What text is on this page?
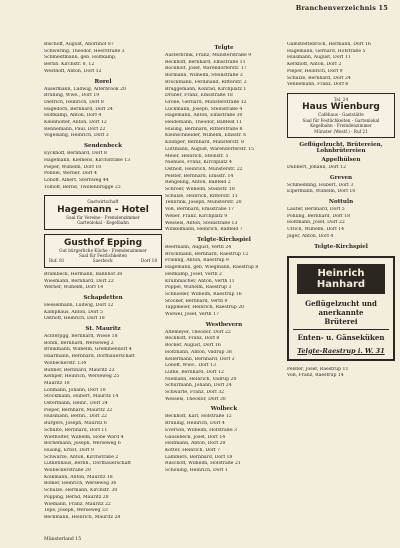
Branchenverzeichnis 15
Bischoff, August, Ahornhof 87
Schwering, Theodor, Heerstraße 3
Schmedtmann, geb. Holtkamp,
Bernh. Kirchstr. 8, 12
Westhoff, Anton, Dorf 12
Rorel
Ausermann, Ludwig, Alterbrook 20
Brüning, Wwe., Dorf 19
Dietrich, Heinrich, Dorf 8
Hagedorn, Bernhard, Dorf 24
Holtkamp, Anton, Dorf 4
Kleinhölter, Anton, Dorf 12
Rennemann, Paul, Dorf 22
Vogelsang, Heinrich, Dorf 3
Sendenbeck
Eyckhoff, Bernhard, Dorf 8
Hagemann, Klemens, Kirchstraße 13
Pieper, Wilhelm, Dorf 10
Pöhnel, Werner, Dorf 4
Lohoff, Albert, Sternweg 44
Tolhoff, Bernd, Twillenbrügge 23
Gastwirtschaft
Hagemann - Hotel
Saal für Vereine - Fremdenzimmer
Gartenlokal - Kegelbahn
Gusthof Epping
Gut bürgerliche Küche - Fremdenzimmer
Saal für Festlichkeiten
Ruf: 81	Saerbeck	Dorf 18
Brambeck, Hermann, Bahnhof 38
Wiesmann, Bernhard, Dorf 22
Werner, Wilhelm, Dorf 14
Schapdetten
Hesselmann, Ludwig, Dorf 12
Kamphaus, Anton, Dorf 5
Osthoff, Heinrich, Dorf 18
St. Mauritz
Achterjigg, Bernhard, Wiese 18
Böhm, Bernhard, Werseweg 2
Brinkmann, Wilhelm, Gremmendorf 4
Haarmann, Bernhard, Dorfbauerschaft
Wolbeckerstr. 134
Bütmer, Bernhard, Mauritz 23
Kemper, Heinrich, Werseweg 25
Mauritz 18
Lohmann, Johann, Dorf 10
Stöckmann, Hubert, Mauritz 14
Ostermann, Heinr., Dorf 24
Pieper, Bernhard, Mauritz 22
Hülsmann, Bernh., Dorf 22
Bürgers, Joseph, Mauritz 6
Schulte, Bernhard, Dorf 11
Wiethölter, Wilhelm, Hohe Ward 4
Bornemann, Joseph, Werseweg 6
Hüsing, Ernst, Dorf 9
Schwarze, Anton, Kirchstraße 2
Lütkenhaus, Bernh., Dorfbauerschaft
Wolbeckerstraße 20
Kolkmann, Anton, Mauritz 18
Bömer, Heinrich, Werseweg 36
Schulze, Hermann, Kirchstr. 30
Pöpping, Bernd, Mauritz 20
Wiemann, Franz, Mauritz 22
Tepe, Joseph, Werseweg 33
Beckmann, Heinrich, Mauritz 28
Telgte
Austerbrink, Franz, Münsterstraße 9
Beckhoff, Bernhard, Emsstraße 11
Bockholt, Josef, Warendorferstr. 17
Bormann, Wilhelm, Steinstraße 3
Brockmann, Ferdinand, Ritterstr. 2
Brüggemann, Konrad, Kirchplatz 1
Drüner, Franz, Emsstraße 18
Gröne, Gerhard, Münsterstraße 12
Lückmann, Joseph, Steinstraße 4
Hagemann, Anton, Emsstraße 30
Heidemann, Theodor, Baßfeld 11
Hüsing, Bernhard, Ritterstraße 8
Kleinschneider, Wilhelm, Emsstr. 6
Klümper, Bernhard, Münsterstr. 8
Lüttmann, August, Warendorferstr. 15
Meier, Heinrich, Steinstr. 5
Niehues, Franz, Kirchplatz 4
Ostholt, Heinrich, Münsterstr. 22
Pelster, Bernhard, Emsstr. 14
Rengeling, Anton, Baßfeld 2
Schröer, Wilhelm, Steinstr. 18
Schulze, Heinrich, Ritterstr. 11
Tenbrink, Joseph, Münsterstr. 20
Voß, Bernhard, Emsstraße 17
Weber, Franz, Kirchplatz 9
Wessels, Anton, Steinstraße 13
Winkelmann, Heinrich, Baßfeld 7
Telgte-Kirchspiel
Beermann, August, Verth 24
Brockmann, Bernhard, Raestrup 12
Frieling, Anton, Raestrup 9
Hagemann, geb. Wiegmann, Raestrup 8
Heitkamp, Josef, Verth 2
Krummacher, Anton, Verth 11
Pöppel, Wilhelm, Raestrup 3
Schnieder, Wilhelm, Raestrup 16
Stöcker, Bernhard, Verth 9
Tappmeier, Heinrich, Raestrup 20
Wiewel, Josef, Verth 17
Westbevern
Altemeyer, Theodor, Dorf 22
Beckhoff, Franz, Dorf 8
Böcker, August, Dorf 16
Holtmann, Anton, Vadrup 38
Kellermann, Bernhard, Dorf 3
Lohoff, Wwe., Dorf 13
Lütke, Bernhard, Dorf 12
Niemann, Heinrich, Vadrup 20
Schürmann, Johann, Dorf 24
Schwarte, Franz, Dorf 32
Wessels, Theodor, Dorf 30
Wolbeck
Beckhoff, Karl, Hofstraße 12
Brüning, Heinrich, Dorf 4
Everwin, Wilhelm, Hofstraße 3
Gausebeck, Josef, Dorf 14
Heitmann, Anton, Dorf 20
Kötter, Heinrich, Dorf 7
Lammers, Bernhard, Dorf 18
Rüschoff, Wilhelm, Hofstraße 21
Schöning, Heinrich, Dorf 1
Gamstedtebrock, Hermann, Dorf 16
Hagemann, Gerhard, Hofstraße 5
Hülsmann, August, Dorf 11
Kerkhoff, Anton, Dorf 2
Pieper, Heinrich, Dorf 9
Schulze, Bernhard, Dorf 24
Vennemann, Franz, Dorf 6
Tel. 24
Haus Wienburg
Caféhaus - Gaststätte
Saal für Festlichkeiten - Gartenlokal
Kegelbahn - Fremdenzimmer
Münster (Westf.) - Ruf 21
Geflügelzucht, Brütereien, Lohnbrütereien
Appelhülsen
Dubbert, Johann, Dorf 12
Greven
Schmedding, Hubert, Dorf 3
Elpermann, Wilhelm, Dorf 10
Nottuln
Lauter, Bernhard, Dorf 5
Pöhling, Bernhard, Dorf 18
Holtmann, Josef, Dorf 22
Ulrich, Wilhelm, Dorf 14
Jäger, Anton, Dorf 4
Telgte-Kirchspiel
Heinrich Hanhard
Geflügelzucht und
anerkannte
Brüterei
Enten- u. Gänseküken
Telgte-Raestrup i. W. 31
Pelster, Josef, Raestrup 11
Voß, Franz, Raestrup 14
Münsterland 15
